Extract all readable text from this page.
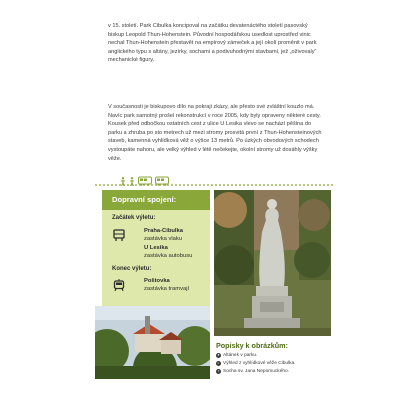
v 15. století. Park Cibulka koncipoval na začátku devatenáctého století pasovský biskup Leopold Thun-Hohenstein. Původní hospodářskou usedlost uprostřed vinic nechal Thun-Hohenstein přestavět na empírový zámeček a její okolí proměnit v park anglického typu s altány, jezírky, sochami a podivuhodnými stavbami, jež „oživovaly“ mechanické figury.

V současnosti je biskupovo dílo na pokraji zkázy, ale přesto své zvláštní kouzlo má. Navíc park samotný prošel rekonstrukcí v roce 2005, kdy byly opraveny některé cesty. Kousek před odbočkou ostatních cest z ulice U Lesika vlevo se nachází pěšina do parku a zhruba po sto metrech už mezi stromy prosvitá první z Thun-Hohensteinových staveb, kamenná vyhlídková věž o výšce 13 metrů. Po úzkých obvodových schodech vystoupáte nahoru, ale velký výhled v létě nečekejte, okolní stromy už dosáhly výšky věže.

Dopravní spojení:
Začátek výletu:
Praha-Cibulka
zastávka vlaku
U Lesika
zastávka autobusu
Konec výletu:
Poštovka
zastávka tramvají
Popisky k obrázkům:
● Altánek v parku.
◐ Výhled z vyhlídkové věže Cibulka.
◑ Socha sv. Jana Nepomuckého.
